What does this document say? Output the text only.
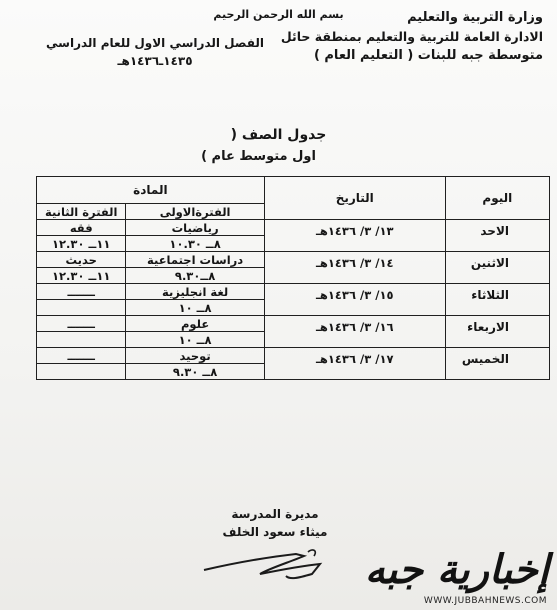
بسم الله الرحمن الرحيم	وزارة التربية والتعليم
الادارة العامة للتربية والتعليم بمنطقة حائل
متوسطة جبه للبنات ( التعليم العام )
الفصل الدراسي الاول للعام الدراسي
١٤٣٥ـ١٤٣٦هـ
جدول الصف (
اول متوسط عام )
اليوم	التاريخ	المادة	
		الفترةالاولى	الفترة الثانية
الاحد	١٣/ ٣/ ١٤٣٦هـ	رياضيات	فقه
		٨ــ ١٠.٣٠	١١ــ ١٢.٣٠
الاثنين	١٤/ ٣/ ١٤٣٦هـ	دراسات اجتماعية	حديث
		٨ــ٩.٣٠	١١ــ ١٢.٣٠
الثلاثاء	١٥/ ٣/ ١٤٣٦هـ	لغة انجليزية	ـــــــ
		٨ــ ١٠	
الاربعاء	١٦/ ٣/ ١٤٣٦هـ	علوم	ـــــــ
		٨ــ ١٠	
الخميس	١٧/ ٣/ ١٤٣٦هـ	توحيد	ـــــــ
		٨ــ ٩.٣٠	
مديرة المدرسة
ميثاء سعود الخلف
إخبارية جبه
WWW.JUBBAHNEWS.COM
